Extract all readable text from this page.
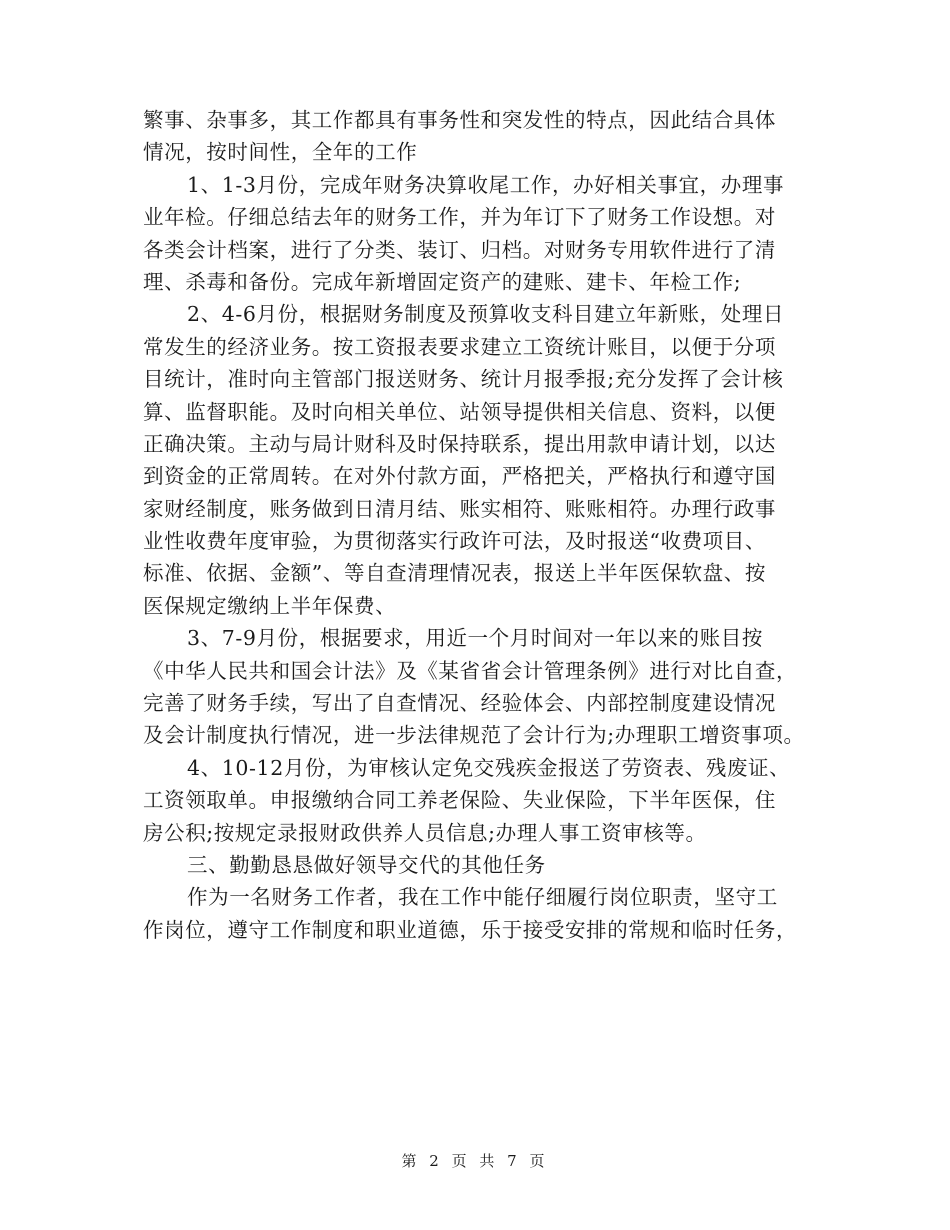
繁事、杂事多，其工作都具有事务性和突发性的特点，因此结合具体
情况，按时间性，全年的工作
1、1-3月份，完成年财务决算收尾工作，办好相关事宜，办理事
业年检。仔细总结去年的财务工作，并为年订下了财务工作设想。对
各类会计档案，进行了分类、装订、归档。对财务专用软件进行了清
理、杀毒和备份。完成年新增固定资产的建账、建卡、年检工作;
2、4-6月份，根据财务制度及预算收支科目建立年新账，处理日
常发生的经济业务。按工资报表要求建立工资统计账目，以便于分项
目统计，准时向主管部门报送财务、统计月报季报;充分发挥了会计核
算、监督职能。及时向相关单位、站领导提供相关信息、资料，以便
正确决策。主动与局计财科及时保持联系，提出用款申请计划，以达
到资金的正常周转。在对外付款方面，严格把关，严格执行和遵守国
家财经制度，账务做到日清月结、账实相符、账账相符。办理行政事
业性收费年度审验，为贯彻落实行政许可法，及时报送“收费项目、
标准、依据、金额”、等自查清理情况表，报送上半年医保软盘、按
医保规定缴纳上半年保费、
3、7-9月份，根据要求，用近一个月时间对一年以来的账目按
《中华人民共和国会计法》及《某省省会计管理条例》进行对比自查，
完善了财务手续，写出了自查情况、经验体会、内部控制度建设情况
及会计制度执行情况，进一步法律规范了会计行为;办理职工增资事项。
4、10-12月份，为审核认定免交残疾金报送了劳资表、残废证、
工资领取单。申报缴纳合同工养老保险、失业保险，下半年医保，住
房公积;按规定录报财政供养人员信息;办理人事工资审核等。
三、勤勤恳恳做好领导交代的其他任务
作为一名财务工作者，我在工作中能仔细履行岗位职责，坚守工
作岗位，遵守工作制度和职业道德，乐于接受安排的常规和临时任务，
第 2 页 共 7 页
